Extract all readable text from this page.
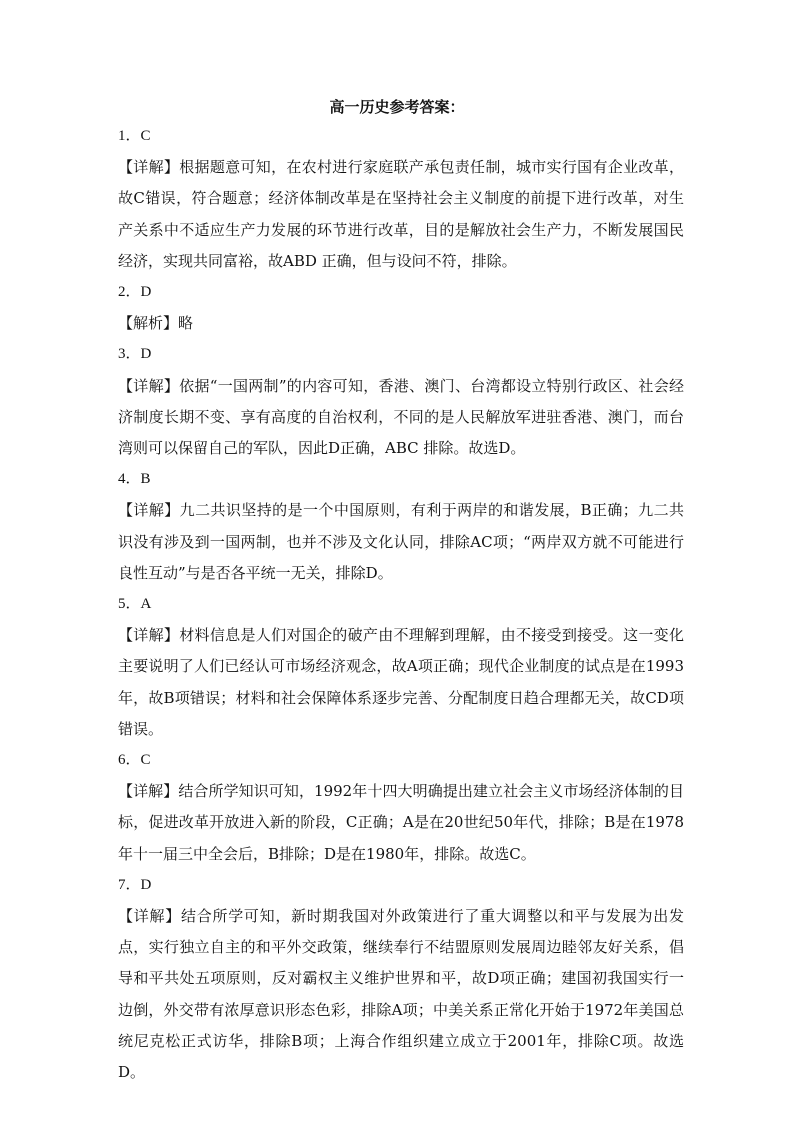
高一历史参考答案：
1．C
【详解】根据题意可知，在农村进行家庭联产承包责任制，城市实行国有企业改革，故C错误，符合题意；经济体制改革是在坚持社会主义制度的前提下进行改革，对生产关系中不适应生产力发展的环节进行改革，目的是解放社会生产力，不断发展国民经济，实现共同富裕，故ABD 正确，但与设问不符，排除。
2．D
【解析】略
3．D
【详解】依据“一国两制”的内容可知，香港、澳门、台湾都设立特别行政区、社会经济制度长期不变、享有高度的自治权利，不同的是人民解放军进驻香港、澳门，而台湾则可以保留自己的军队，因此D正确，ABC 排除。故选D。
4．B
【详解】九二共识坚持的是一个中国原则，有利于两岸的和谐发展，B正确；九二共识没有涉及到一国两制，也并不涉及文化认同，排除AC项；“两岸双方就不可能进行良性互动”与是否各平统一无关，排除D。
5．A
【详解】材料信息是人们对国企的破产由不理解到理解，由不接受到接受。这一变化主要说明了人们已经认可市场经济观念，故A项正确；现代企业制度的试点是在1993年，故B项错误；材料和社会保障体系逐步完善、分配制度日趋合理都无关，故CD项错误。
6．C
【详解】结合所学知识可知，1992年十四大明确提出建立社会主义市场经济体制的目标，促进改革开放进入新的阶段，C正确；A是在20世纪50年代，排除；B是在1978年十一届三中全会后，B排除；D是在1980年，排除。故选C。
7．D
【详解】结合所学可知，新时期我国对外政策进行了重大调整以和平与发展为出发点，实行独立自主的和平外交政策，继续奉行不结盟原则发展周边睦邻友好关系，倡导和平共处五项原则，反对霸权主义维护世界和平，故D项正确；建国初我国实行一边倒，外交带有浓厚意识形态色彩，排除A项；中美关系正常化开始于1972年美国总统尼克松正式访华，排除B项；上海合作组织建立成立于2001年，排除C项。故选D。
